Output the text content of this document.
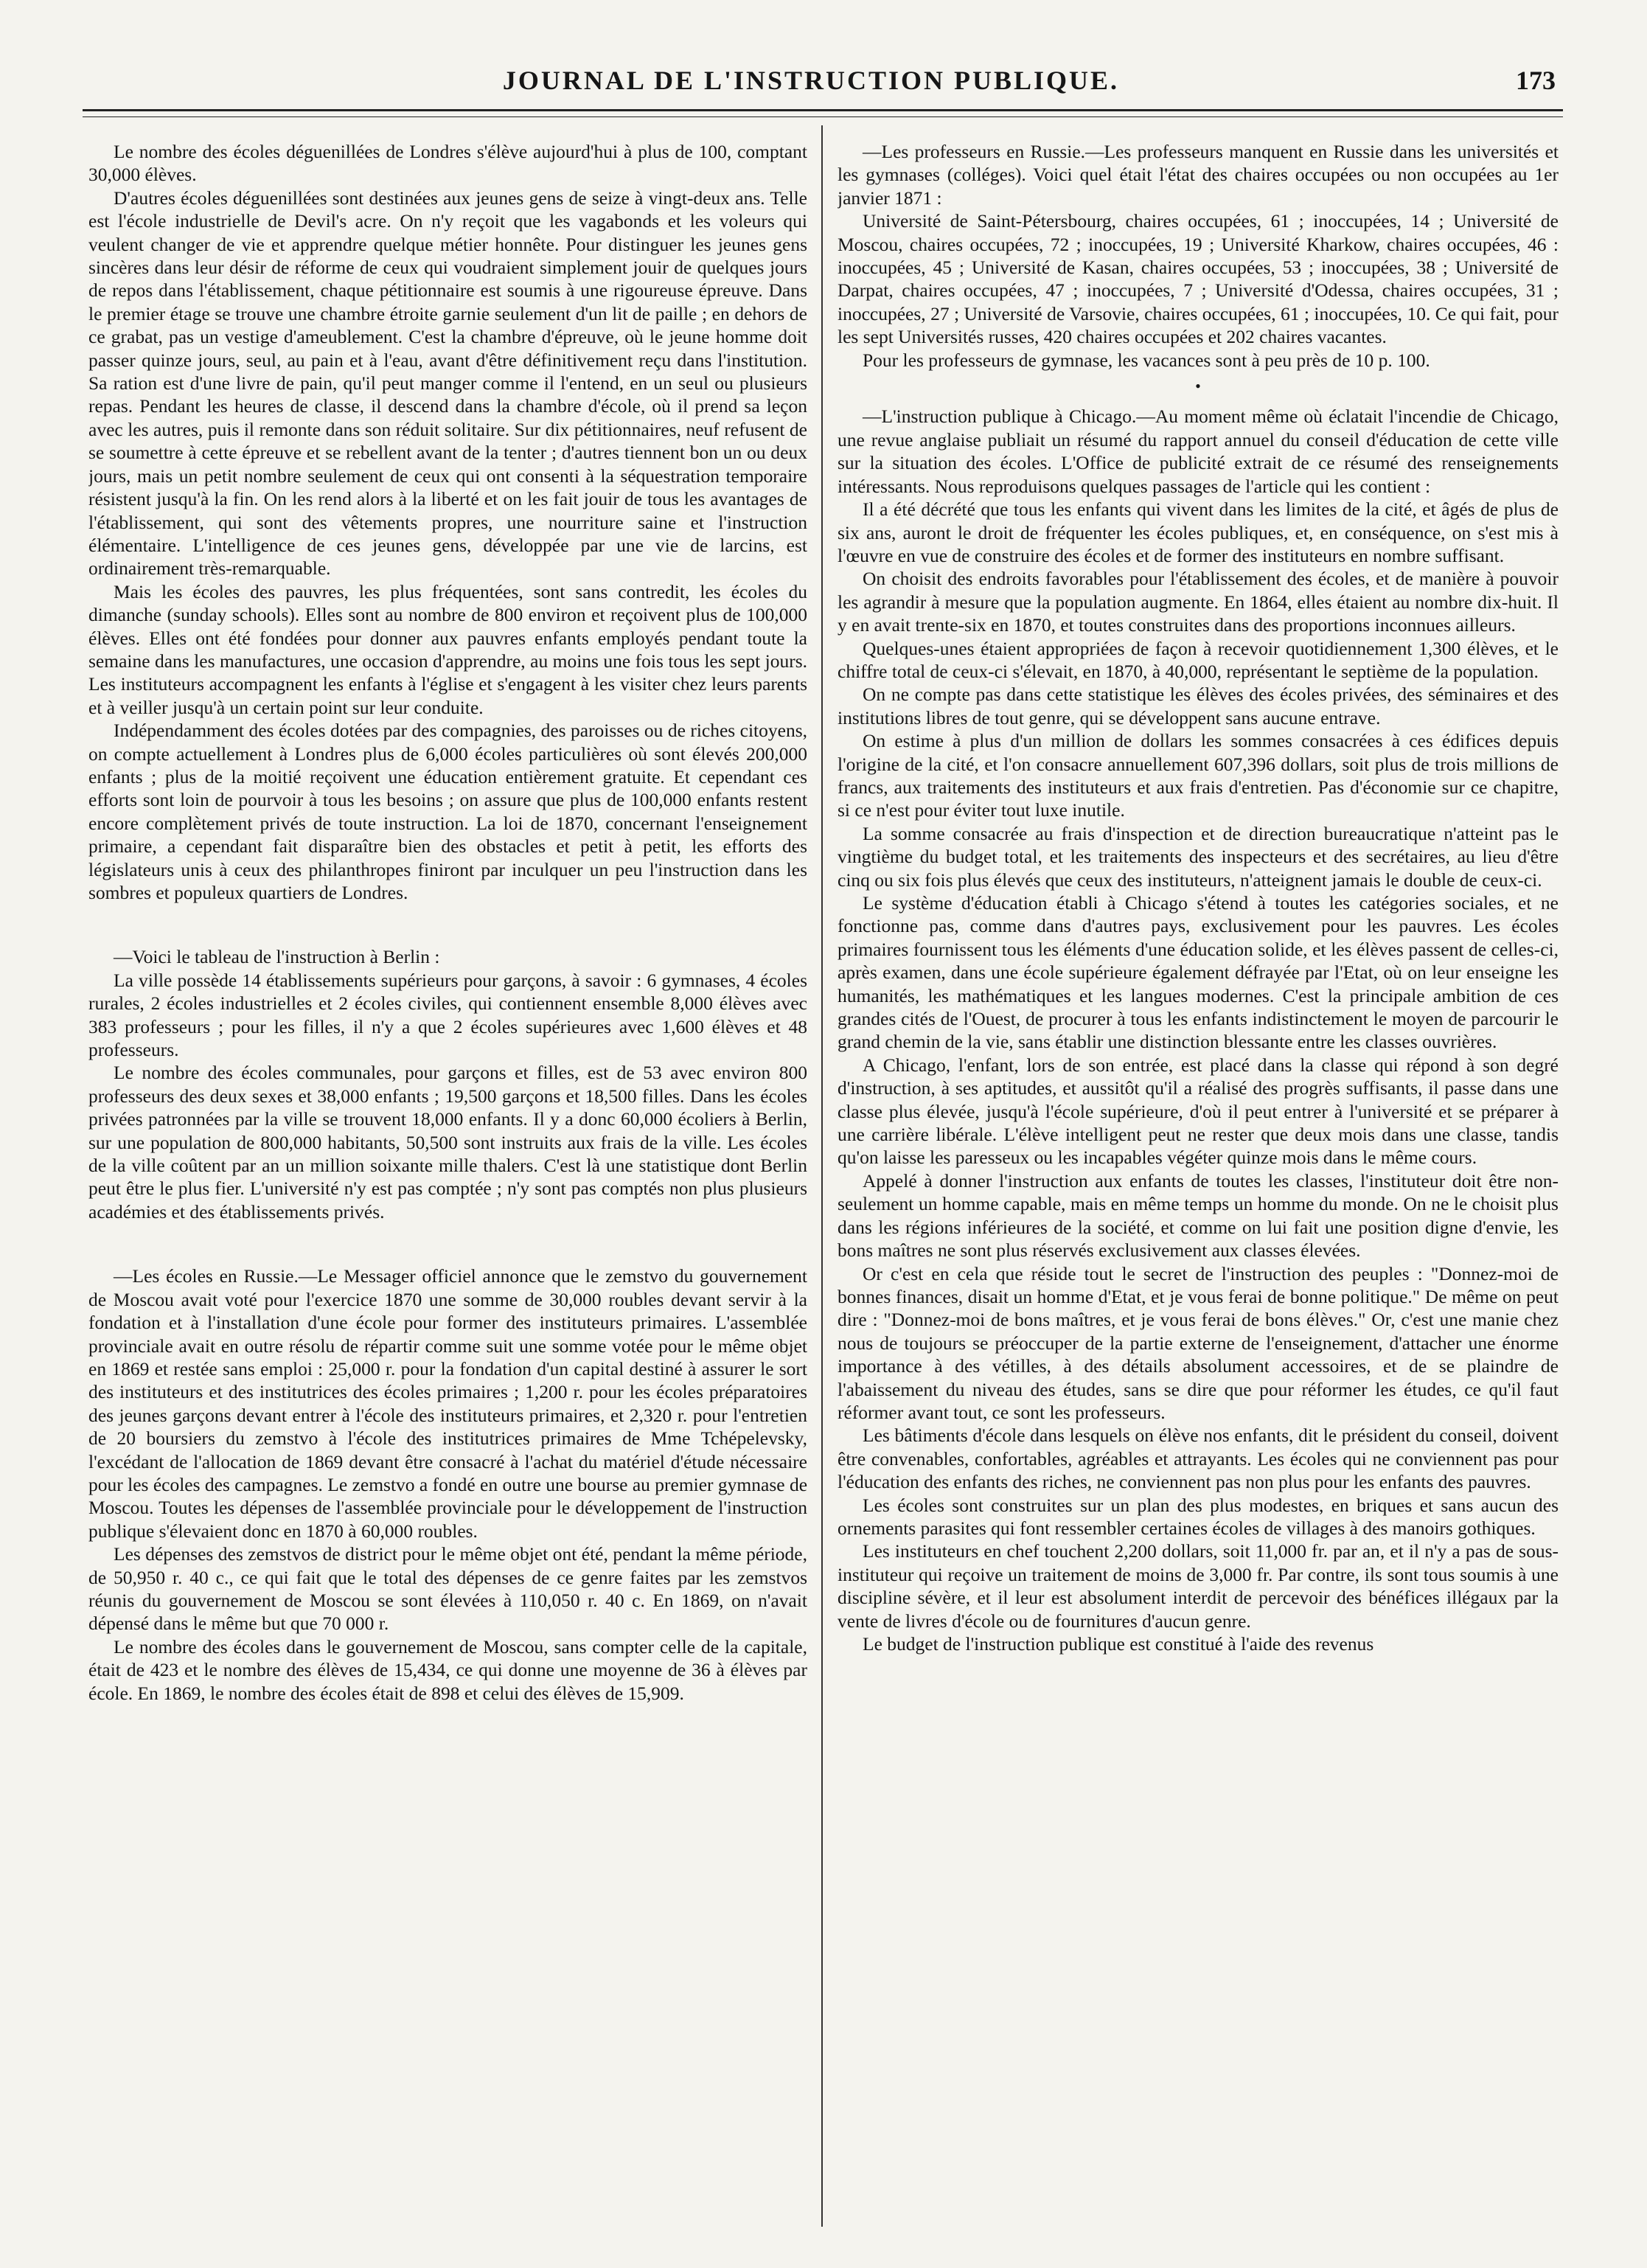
JOURNAL DE L'INSTRUCTION PUBLIQUE.	173

Le nombre des écoles déguenillées de Londres s'élève aujourd'hui à plus de 100, comptant 30,000 élèves.

D'autres écoles déguenillées sont destinées aux jeunes gens de seize à vingt-deux ans. Telle est l'école industrielle de Devil's acre. On n'y reçoit que les vagabonds et les voleurs qui veulent changer de vie et apprendre quelque métier honnête. Pour distinguer les jeunes gens sincères dans leur désir de réforme de ceux qui voudraient simplement jouir de quelques jours de repos dans l'établissement, chaque pétitionnaire est soumis à une rigoureuse épreuve. Dans le premier étage se trouve une chambre étroite garnie seulement d'un lit de paille ; en dehors de ce grabat, pas un vestige d'ameublement. C'est la chambre d'épreuve, où le jeune homme doit passer quinze jours, seul, au pain et à l'eau, avant d'être définitivement reçu dans l'institution. Sa ration est d'une livre de pain, qu'il peut manger comme il l'entend, en un seul ou plusieurs repas. Pendant les heures de classe, il descend dans la chambre d'école, où il prend sa leçon avec les autres, puis il remonte dans son réduit solitaire. Sur dix pétitionnaires, neuf refusent de se soumettre à cette épreuve et se rebellent avant de la tenter ; d'autres tiennent bon un ou deux jours, mais un petit nombre seulement de ceux qui ont consenti à la séquestration temporaire résistent jusqu'à la fin. On les rend alors à la liberté et on les fait jouir de tous les avantages de l'établissement, qui sont des vêtements propres, une nourriture saine et l'instruction élémentaire. L'intelligence de ces jeunes gens, développée par une vie de larcins, est ordinairement très-remarquable.

Mais les écoles des pauvres, les plus fréquentées, sont sans contredit, les écoles du dimanche (sunday schools). Elles sont au nombre de 800 environ et reçoivent plus de 100,000 élèves. Elles ont été fondées pour donner aux pauvres enfants employés pendant toute la semaine dans les manufactures, une occasion d'apprendre, au moins une fois tous les sept jours. Les instituteurs accompagnent les enfants à l'église et s'engagent à les visiter chez leurs parents et à veiller jusqu'à un certain point sur leur conduite.

Indépendamment des écoles dotées par des compagnies, des paroisses ou de riches citoyens, on compte actuellement à Londres plus de 6,000 écoles particulières où sont élevés 200,000 enfants ; plus de la moitié reçoivent une éducation entièrement gratuite. Et cependant ces efforts sont loin de pourvoir à tous les besoins ; on assure que plus de 100,000 enfants restent encore complètement privés de toute instruction. La loi de 1870, concernant l'enseignement primaire, a cependant fait disparaître bien des obstacles et petit à petit, les efforts des législateurs unis à ceux des philanthropes finiront par inculquer un peu l'instruction dans les sombres et populeux quartiers de Londres.

—Voici le tableau de l'instruction à Berlin :

La ville possède 14 établissements supérieurs pour garçons, à savoir : 6 gymnases, 4 écoles rurales, 2 écoles industrielles et 2 écoles civiles, qui contiennent ensemble 8,000 élèves avec 383 professeurs ; pour les filles, il n'y a que 2 écoles supérieures avec 1,600 élèves et 48 professeurs.

Le nombre des écoles communales, pour garçons et filles, est de 53 avec environ 800 professeurs des deux sexes et 38,000 enfants ; 19,500 garçons et 18,500 filles. Dans les écoles privées patronnées par la ville se trouvent 18,000 enfants. Il y a donc 60,000 écoliers à Berlin, sur une population de 800,000 habitants, 50,500 sont instruits aux frais de la ville. Les écoles de la ville coûtent par an un million soixante mille thalers. C'est là une statistique dont Berlin peut être le plus fier. L'université n'y est pas comptée ; n'y sont pas comptés non plus plusieurs académies et des établissements privés.

—Les écoles en Russie.—Le Messager officiel annonce que le zemstvo du gouvernement de Moscou avait voté pour l'exercice 1870 une somme de 30,000 roubles devant servir à la fondation et à l'installation d'une école pour former des instituteurs primaires. L'assemblée provinciale avait en outre résolu de répartir comme suit une somme votée pour le même objet en 1869 et restée sans emploi : 25,000 r. pour la fondation d'un capital destiné à assurer le sort des instituteurs et des institutrices des écoles primaires ; 1,200 r. pour les écoles préparatoires des jeunes garçons devant entrer à l'école des instituteurs primaires, et 2,320 r. pour l'entretien de 20 boursiers du zemstvo à l'école des institutrices primaires de Mme Tchépelevsky, l'excédant de l'allocation de 1869 devant être consacré à l'achat du matériel d'étude nécessaire pour les écoles des campagnes. Le zemstvo a fondé en outre une bourse au premier gymnase de Moscou. Toutes les dépenses de l'assemblée provinciale pour le développement de l'instruction publique s'élevaient donc en 1870 à 60,000 roubles.

Les dépenses des zemstvos de district pour le même objet ont été, pendant la même période, de 50,950 r. 40 c., ce qui fait que le total des dépenses de ce genre faites par les zemstvos réunis du gouvernement de Moscou se sont élevées à 110,050 r. 40 c. En 1869, on n'avait dépensé dans le même but que 70 000 r.

Le nombre des écoles dans le gouvernement de Moscou, sans compter celle de la capitale, était de 423 et le nombre des élèves de 15,434, ce qui donne une moyenne de 36 à élèves par école. En 1869, le nombre des écoles était de 898 et celui des élèves de 15,909.

—Les professeurs en Russie.—Les professeurs manquent en Russie dans les universités et les gymnases (colléges). Voici quel était l'état des chaires occupées ou non occupées au 1er janvier 1871 :

Université de Saint-Pétersbourg, chaires occupées, 61 ; inoccupées, 14 ; Université de Moscou, chaires occupées, 72 ; inoccupées, 19 ; Université Kharkow, chaires occupées, 46 : inoccupées, 45 ; Université de Kasan, chaires occupées, 53 ; inoccupées, 38 ; Université de Darpat, chaires occupées, 47 ; inoccupées, 7 ; Université d'Odessa, chaires occupées, 31 ; inoccupées, 27 ; Université de Varsovie, chaires occupées, 61 ; inoccupées, 10. Ce qui fait, pour les sept Universités russes, 420 chaires occupées et 202 chaires vacantes.

Pour les professeurs de gymnase, les vacances sont à peu près de 10 p. 100.

•

—L'instruction publique à Chicago.—Au moment même où éclatait l'incendie de Chicago, une revue anglaise publiait un résumé du rapport annuel du conseil d'éducation de cette ville sur la situation des écoles. L'Office de publicité extrait de ce résumé des renseignements intéressants. Nous reproduisons quelques passages de l'article qui les contient :

Il a été décrété que tous les enfants qui vivent dans les limites de la cité, et âgés de plus de six ans, auront le droit de fréquenter les écoles publiques, et, en conséquence, on s'est mis à l'œuvre en vue de construire des écoles et de former des instituteurs en nombre suffisant.

On choisit des endroits favorables pour l'établissement des écoles, et de manière à pouvoir les agrandir à mesure que la population augmente. En 1864, elles étaient au nombre dix-huit. Il y en avait trente-six en 1870, et toutes construites dans des proportions inconnues ailleurs.

Quelques-unes étaient appropriées de façon à recevoir quotidiennement 1,300 élèves, et le chiffre total de ceux-ci s'élevait, en 1870, à 40,000, représentant le septième de la population.

On ne compte pas dans cette statistique les élèves des écoles privées, des séminaires et des institutions libres de tout genre, qui se développent sans aucune entrave.

On estime à plus d'un million de dollars les sommes consacrées à ces édifices depuis l'origine de la cité, et l'on consacre annuellement 607,396 dollars, soit plus de trois millions de francs, aux traitements des instituteurs et aux frais d'entretien. Pas d'économie sur ce chapitre, si ce n'est pour éviter tout luxe inutile.

La somme consacrée au frais d'inspection et de direction bureaucratique n'atteint pas le vingtième du budget total, et les traitements des inspecteurs et des secrétaires, au lieu d'être cinq ou six fois plus élevés que ceux des instituteurs, n'atteignent jamais le double de ceux-ci.

Le système d'éducation établi à Chicago s'étend à toutes les catégories sociales, et ne fonctionne pas, comme dans d'autres pays, exclusivement pour les pauvres. Les écoles primaires fournissent tous les éléments d'une éducation solide, et les élèves passent de celles-ci, après examen, dans une école supérieure également défrayée par l'Etat, où on leur enseigne les humanités, les mathématiques et les langues modernes. C'est la principale ambition de ces grandes cités de l'Ouest, de procurer à tous les enfants indistinctement le moyen de parcourir le grand chemin de la vie, sans établir une distinction blessante entre les classes ouvrières.

A Chicago, l'enfant, lors de son entrée, est placé dans la classe qui répond à son degré d'instruction, à ses aptitudes, et aussitôt qu'il a réalisé des progrès suffisants, il passe dans une classe plus élevée, jusqu'à l'école supérieure, d'où il peut entrer à l'université et se préparer à une carrière libérale. L'élève intelligent peut ne rester que deux mois dans une classe, tandis qu'on laisse les paresseux ou les incapables végéter quinze mois dans le même cours.

Appelé à donner l'instruction aux enfants de toutes les classes, l'instituteur doit être non-seulement un homme capable, mais en même temps un homme du monde. On ne le choisit plus dans les régions inférieures de la société, et comme on lui fait une position digne d'envie, les bons maîtres ne sont plus réservés exclusivement aux classes élevées.

Or c'est en cela que réside tout le secret de l'instruction des peuples : "Donnez-moi de bonnes finances, disait un homme d'Etat, et je vous ferai de bonne politique." De même on peut dire : "Donnez-moi de bons maîtres, et je vous ferai de bons élèves." Or, c'est une manie chez nous de toujours se préoccuper de la partie externe de l'enseignement, d'attacher une énorme importance à des vétilles, à des détails absolument accessoires, et de se plaindre de l'abaissement du niveau des études, sans se dire que pour réformer les études, ce qu'il faut réformer avant tout, ce sont les professeurs.

Les bâtiments d'école dans lesquels on élève nos enfants, dit le président du conseil, doivent être convenables, confortables, agréables et attrayants. Les écoles qui ne conviennent pas pour l'éducation des enfants des riches, ne conviennent pas non plus pour les enfants des pauvres.

Les écoles sont construites sur un plan des plus modestes, en briques et sans aucun des ornements parasites qui font ressembler certaines écoles de villages à des manoirs gothiques.

Les instituteurs en chef touchent 2,200 dollars, soit 11,000 fr. par an, et il n'y a pas de sous-instituteur qui reçoive un traitement de moins de 3,000 fr. Par contre, ils sont tous soumis à une discipline sévère, et il leur est absolument interdit de percevoir des bénéfices illégaux par la vente de livres d'école ou de fournitures d'aucun genre.

Le budget de l'instruction publique est constitué à l'aide des revenus
